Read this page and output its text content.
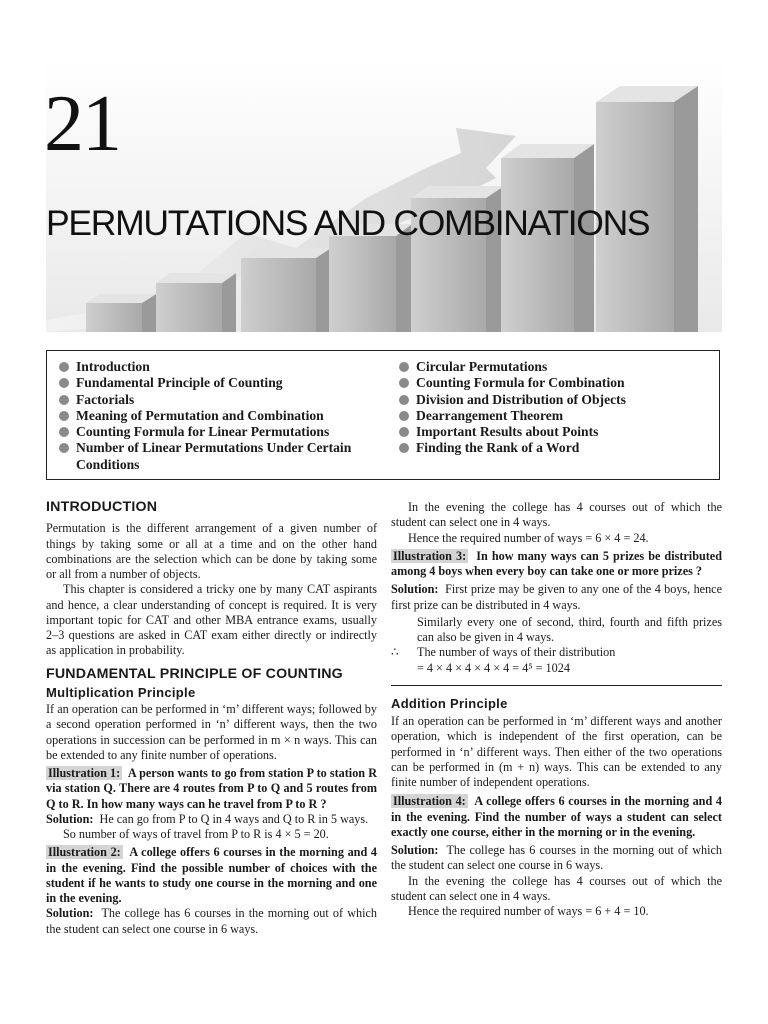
21
PERMUTATIONS AND COMBINATIONS
Introduction
Fundamental Principle of Counting
Factorials
Meaning of Permutation and Combination
Counting Formula for Linear Permutations
Number of Linear Permutations Under Certain Conditions
Circular Permutations
Counting Formula for Combination
Division and Distribution of Objects
Dearrangement Theorem
Important Results about Points
Finding the Rank of a Word

INTRODUCTION

Permutation is the different arrangement of a given number of things by taking some or all at a time and on the other hand combinations are the selection which can be done by taking some or all from a number of objects.

This chapter is considered a tricky one by many CAT aspirants and hence, a clear understanding of concept is required. It is very important topic for CAT and other MBA entrance exams, usually 2–3 questions are asked in CAT exam either directly or indirectly as application in probability.

FUNDAMENTAL PRINCIPLE OF COUNTING

Multiplication Principle

If an operation can be performed in ‘m’ different ways; followed by a second operation performed in ‘n’ different ways, then the two operations in succession can be performed in m × n ways. This can be extended to any finite number of operations.

Illustration 1: A person wants to go from station P to station R via station Q. There are 4 routes from P to Q and 5 routes from Q to R. In how many ways can he travel from P to R ?

Solution: He can go from P to Q in 4 ways and Q to R in 5 ways.

So number of ways of travel from P to R is 4 × 5 = 20.

Illustration 2: A college offers 6 courses in the morning and 4 in the evening. Find the possible number of choices with the student if he wants to study one course in the morning and one in the evening.

Solution: The college has 6 courses in the morning out of which the student can select one course in 6 ways.

In the evening the college has 4 courses out of which the student can select one in 4 ways.

Hence the required number of ways = 6 × 4 = 24.

Illustration 3: In how many ways can 5 prizes be distributed among 4 boys when every boy can take one or more prizes ?

Solution: First prize may be given to any one of the 4 boys, hence first prize can be distributed in 4 ways.

Similarly every one of second, third, fourth and fifth prizes can also be given in 4 ways.

∴ The number of ways of their distribution

= 4 × 4 × 4 × 4 × 4 = 4⁵ = 1024

Addition Principle

If an operation can be performed in ‘m’ different ways and another operation, which is independent of the first operation, can be performed in ‘n’ different ways. Then either of the two operations can be performed in (m + n) ways. This can be extended to any finite number of independent operations.

Illustration 4: A college offers 6 courses in the morning and 4 in the evening. Find the number of ways a student can select exactly one course, either in the morning or in the evening.

Solution: The college has 6 courses in the morning out of which the student can select one course in 6 ways.

In the evening the college has 4 courses out of which the student can select one in 4 ways.

Hence the required number of ways = 6 + 4 = 10.
